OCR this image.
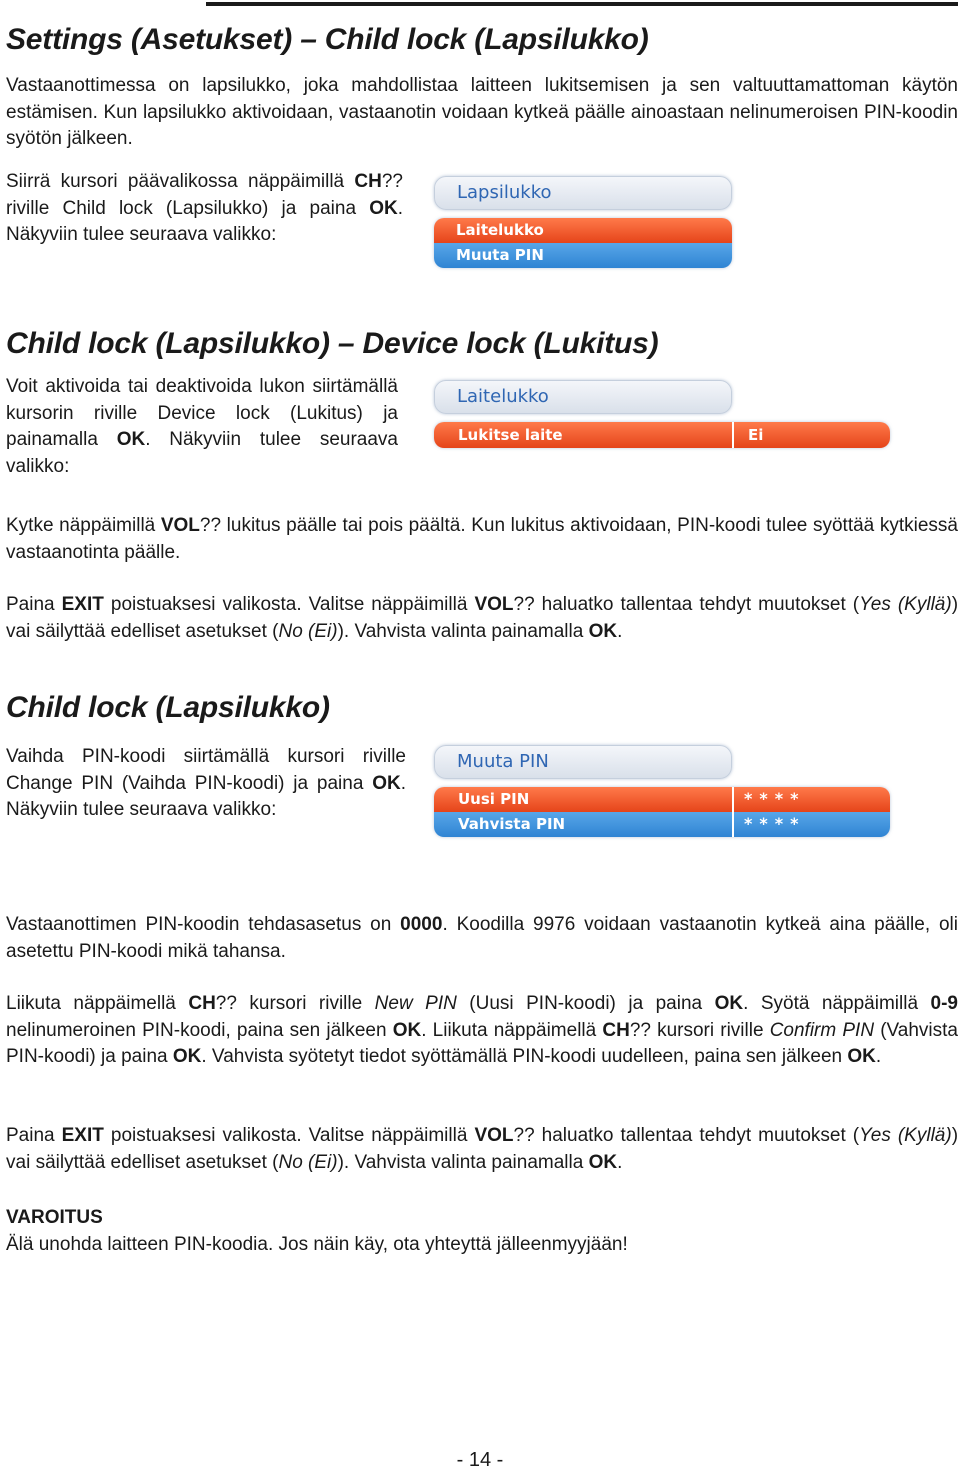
Settings (Asetukset) – Child lock (Lapsilukko)

Vastaanottimessa on lapsilukko, joka mahdollistaa laitteen lukitsemisen ja sen valtuuttamattoman käytön estämisen. Kun lapsilukko aktivoidaan, vastaanotin voidaan kytkeä päälle ainoastaan nelinumeroisen PIN-koodin syötön jälkeen.

Siirrä kursori päävalikossa näppäimillä CH?? riville Child lock (Lapsilukko) ja paina OK. Näkyviin tulee seuraava valikko:

Lapsilukko
Laitelukko
Muuta PIN
Child lock (Lapsilukko) – Device lock (Lukitus)

Voit aktivoida tai deaktivoida lukon siirtämällä kursorin riville Device lock (Lukitus) ja painamalla OK. Näkyviin tulee seuraava valikko:

Laitelukko
Lukitse laite	Ei

Kytke näppäimillä VOL?? lukitus päälle tai pois päältä. Kun lukitus aktivoidaan, PIN-koodi tulee syöttää kytkiessä vastaanotinta päälle.

Paina EXIT poistuaksesi valikosta. Valitse näppäimillä VOL?? haluatko tallentaa tehdyt muutokset (Yes (Kyllä)) vai säilyttää edelliset asetukset (No (Ei)). Vahvista valinta painamalla OK.

Child lock (Lapsilukko)

Vaihda PIN-koodi siirtämällä kursori riville Change PIN (Vaihda PIN-koodi) ja paina OK. Näkyviin tulee seuraava valikko:

Muuta PIN
Uusi PIN	****
Vahvista PIN	****

Vastaanottimen PIN-koodin tehdasasetus on 0000. Koodilla 9976 voidaan vastaanotin kytkeä aina päälle, oli asetettu PIN-koodi mikä tahansa.

Liikuta näppäimellä CH?? kursori riville New PIN (Uusi PIN-koodi) ja paina OK. Syötä näppäimillä 0-9 nelinumeroinen PIN-koodi, paina sen jälkeen OK. Liikuta näppäimellä CH?? kursori riville Confirm PIN (Vahvista PIN-koodi) ja paina OK. Vahvista syötetyt tiedot syöttämällä PIN-koodi uudelleen, paina sen jälkeen OK.

Paina EXIT poistuaksesi valikosta. Valitse näppäimillä VOL?? haluatko tallentaa tehdyt muutokset (Yes (Kyllä)) vai säilyttää edelliset asetukset (No (Ei)). Vahvista valinta painamalla OK.

VAROITUS
Älä unohda laitteen PIN-koodia. Jos näin käy, ota yhteyttä jälleenmyyjään!
- 14 -
